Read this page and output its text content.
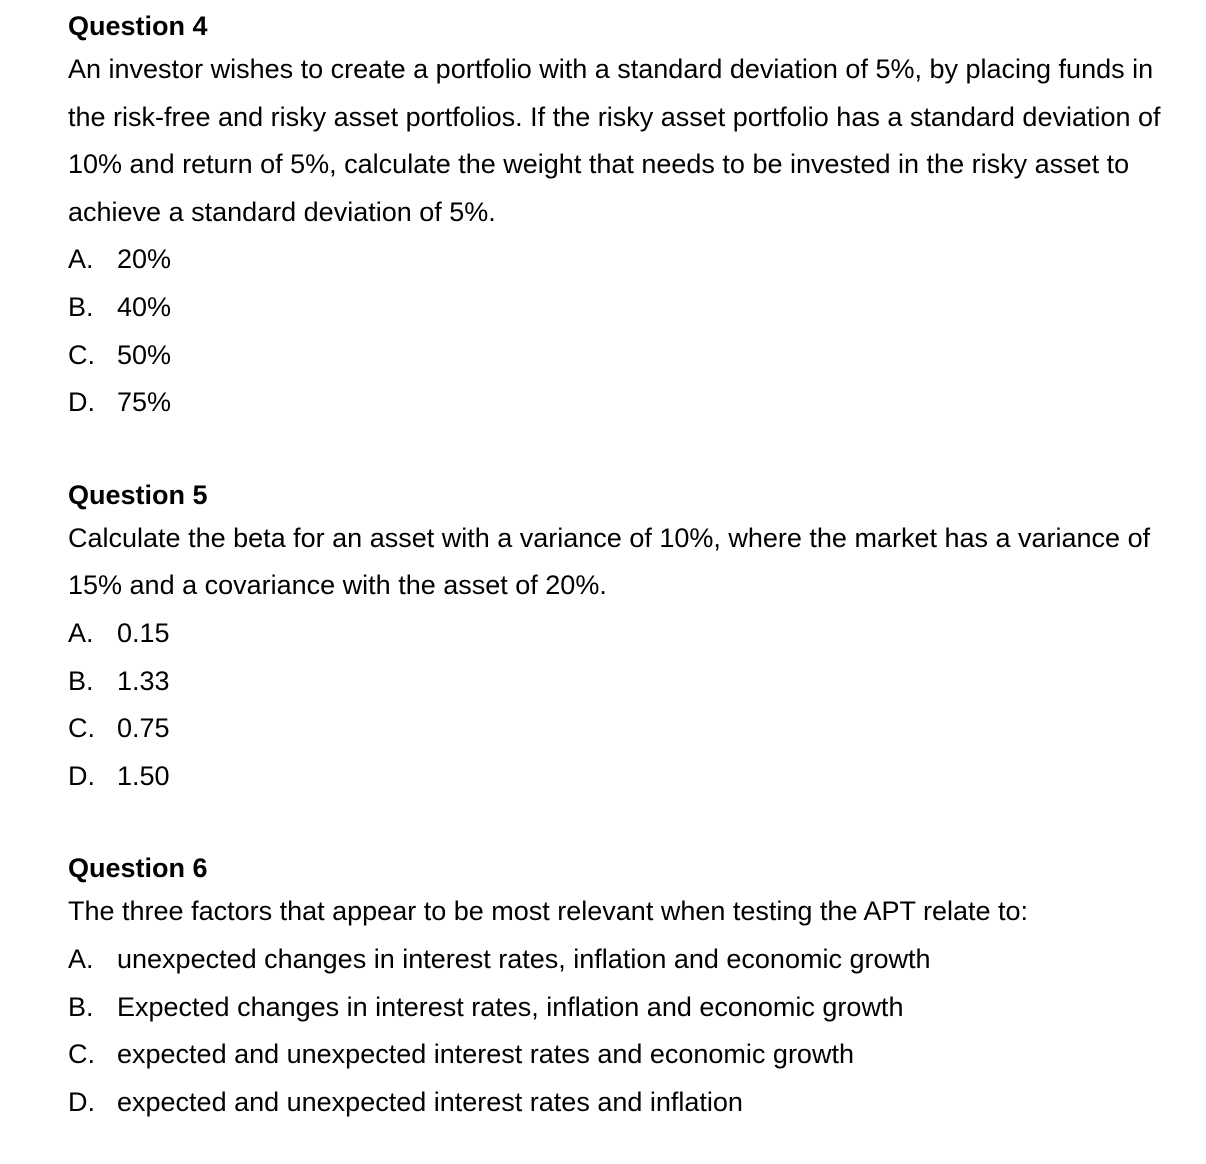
Question 4

An investor wishes to create a portfolio with a standard deviation of 5%, by placing funds in the risk-free and risky asset portfolios. If the risky asset portfolio has a standard deviation of 10% and return of 5%, calculate the weight that needs to be invested in the risky asset to achieve a standard deviation of 5%.

A. 20%
B. 40%
C. 50%
D. 75%
Question 5

Calculate the beta for an asset with a variance of 10%, where the market has a variance of 15% and a covariance with the asset of 20%.

A. 0.15
B. 1.33
C. 0.75
D. 1.50
Question 6

The three factors that appear to be most relevant when testing the APT relate to:

A. unexpected changes in interest rates, inflation and economic growth
B. Expected changes in interest rates, inflation and economic growth
C. expected and unexpected interest rates and economic growth
D. expected and unexpected interest rates and inflation
